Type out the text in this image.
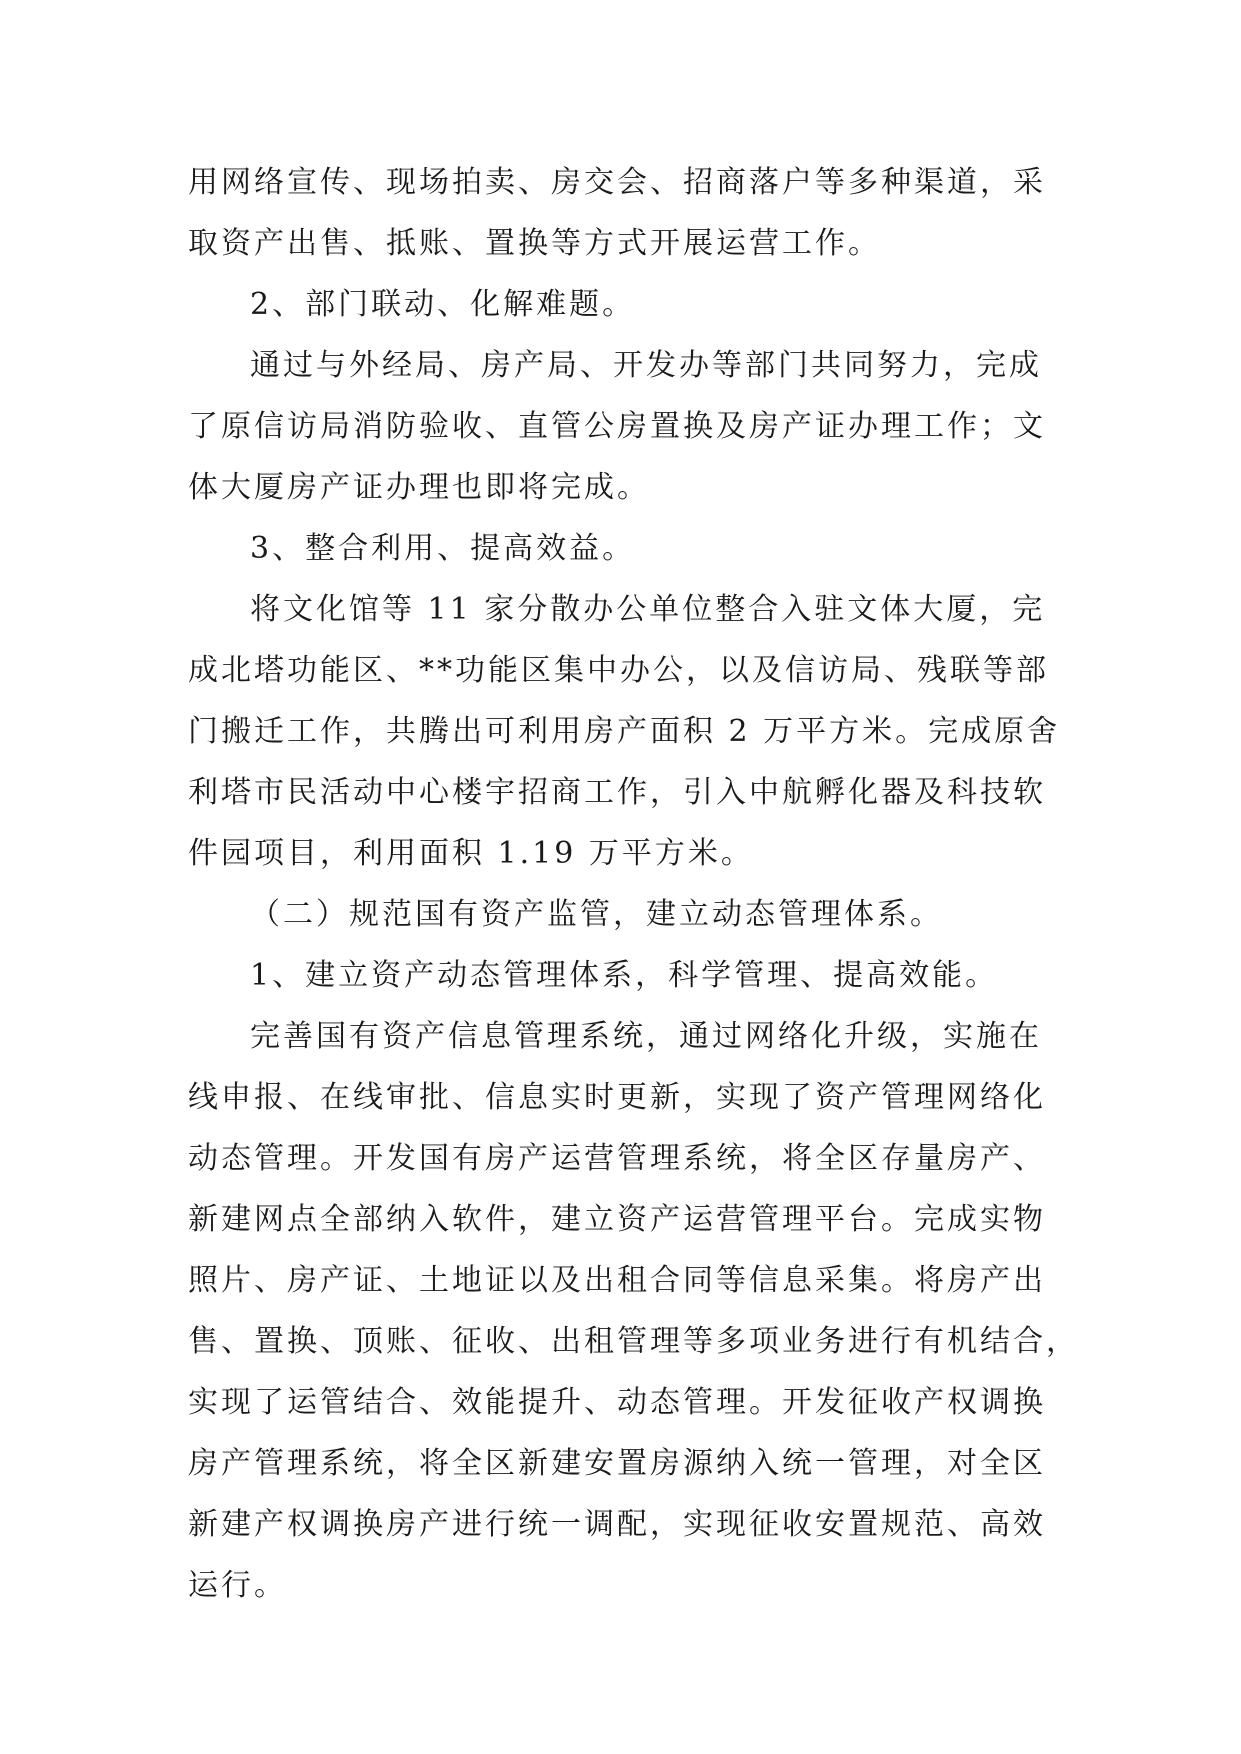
用网络宣传、现场拍卖、房交会、招商落户等多种渠道，采
取资产出售、抵账、置换等方式开展运营工作。

2、部门联动、化解难题。

通过与外经局、房产局、开发办等部门共同努力，完成
了原信访局消防验收、直管公房置换及房产证办理工作；文
体大厦房产证办理也即将完成。

3、整合利用、提高效益。

将文化馆等 11 家分散办公单位整合入驻文体大厦，完
成北塔功能区、**功能区集中办公，以及信访局、残联等部
门搬迁工作，共腾出可利用房产面积 2 万平方米。完成原舍
利塔市民活动中心楼宇招商工作，引入中航孵化器及科技软
件园项目，利用面积 1.19 万平方米。

（二）规范国有资产监管，建立动态管理体系。

1、建立资产动态管理体系，科学管理、提高效能。

完善国有资产信息管理系统，通过网络化升级，实施在
线申报、在线审批、信息实时更新，实现了资产管理网络化
动态管理。开发国有房产运营管理系统，将全区存量房产、
新建网点全部纳入软件，建立资产运营管理平台。完成实物
照片、房产证、土地证以及出租合同等信息采集。将房产出
售、置换、顶账、征收、出租管理等多项业务进行有机结合，
实现了运管结合、效能提升、动态管理。开发征收产权调换
房产管理系统，将全区新建安置房源纳入统一管理，对全区
新建产权调换房产进行统一调配，实现征收安置规范、高效
运行。
